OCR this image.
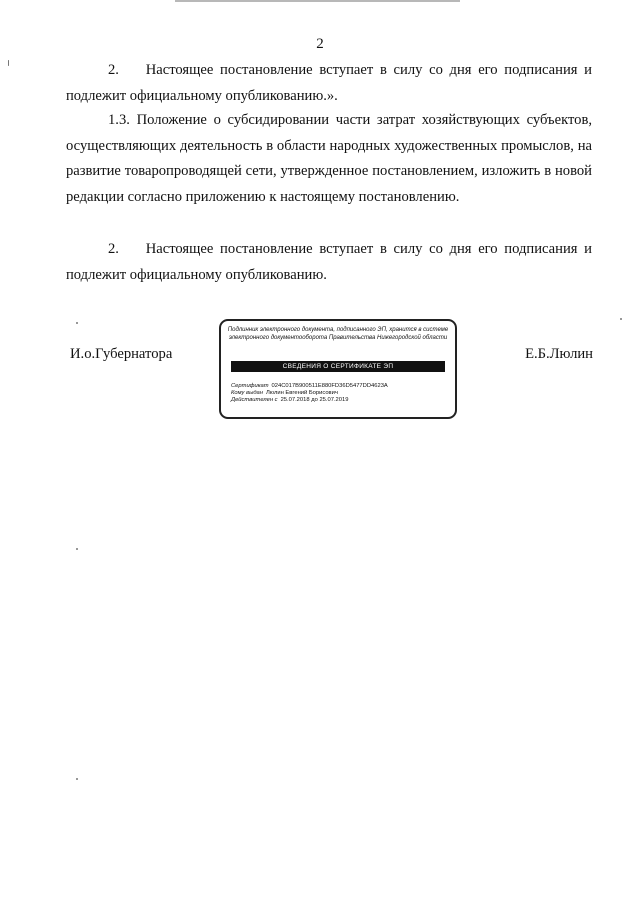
2
2.    Настоящее постановление вступает в силу со дня его подписания и подлежит официальному опубликованию.».
1.3. Положение о субсидировании части затрат хозяйствующих субъектов, осуществляющих деятельность в области народных художественных промыслов, на развитие товаропроводящей сети, утвержденное постановлением, изложить в новой редакции согласно приложению к настоящему постановлению.
2.    Настоящее постановление вступает в силу со дня его подписания и подлежит официальному опубликованию.
И.о.Губернатора	Е.Б.Люлин
Подлинник электронного документа, подписанного ЭП, хранится в системе электронного документооборота Правительства Нижегородской области
СВЕДЕНИЯ О СЕРТИФИКАТЕ ЭП
Сертификат 024C017B900511E880FD36D5477DD4623A
Кому выдан Люлин Евгений Борисович
Действителен с 25.07.2018 до 25.07.2019
